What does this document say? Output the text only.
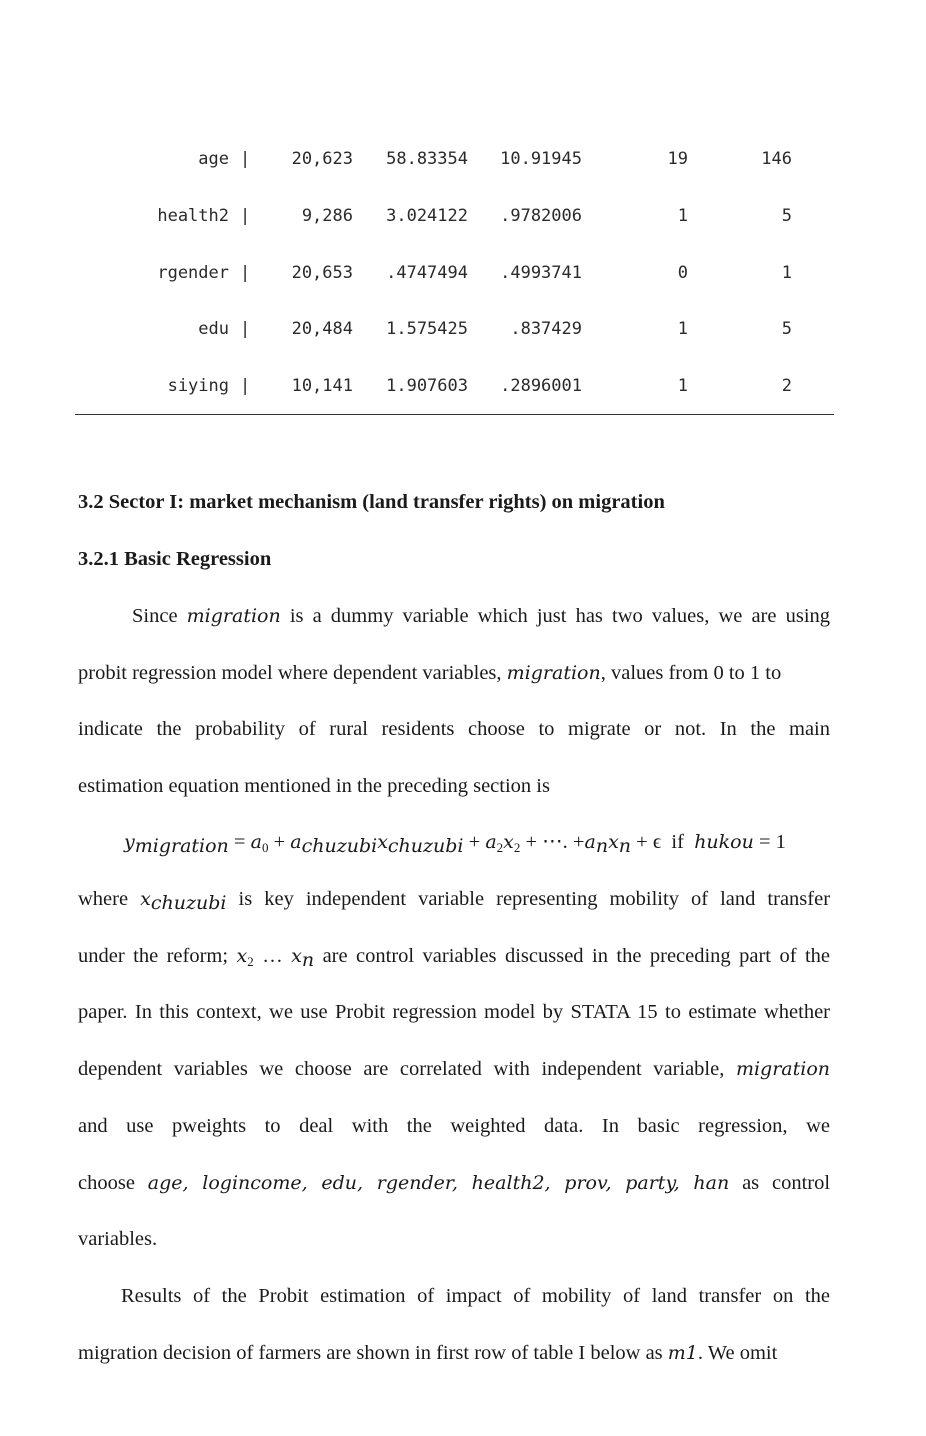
age | 20,623 58.83354 10.91945	19	146
health2 |	9,286 3.024122 .9782006	1	5
rgender | 20,653 .4747494 .4993741	0	1
edu | 20,484 1.575425 .837429	1	5
siying | 10,141 1.907603 .2896001	1	2
3.2 Sector I: market mechanism (land transfer rights) on migration
3.2.1 Basic Regression
Since migration is a dummy variable which just has two values, we are using
probit regression model where dependent variables, migration, values from 0 to 1 to
indicate the probability of rural residents choose to migrate or not. In the main
estimation equation mentioned in the preceding section is
$y_{migration} = a_0 + a_{chuzubi}x_{chuzubi} + a_2x_2$ + ⋯. $+a_nx_n + \epsilon$ if hukou = 1
where $x_{chuzubi}$ is key independent variable representing mobility of land transfer
under the reform; $x_2$ … $x_n$ are control variables discussed in the preceding part of the
paper. In this context, we use Probit regression model by STATA 15 to estimate whether
dependent variables we choose are correlated with independent variable, migration
and use pweights to deal with the weighted data. In basic regression, we
choose age, logincome, edu, rgender, health2, prov, party, han as control
variables.
Results of the Probit estimation of impact of mobility of land transfer on the
migration decision of farmers are shown in first row of table I below as m1. We omit
